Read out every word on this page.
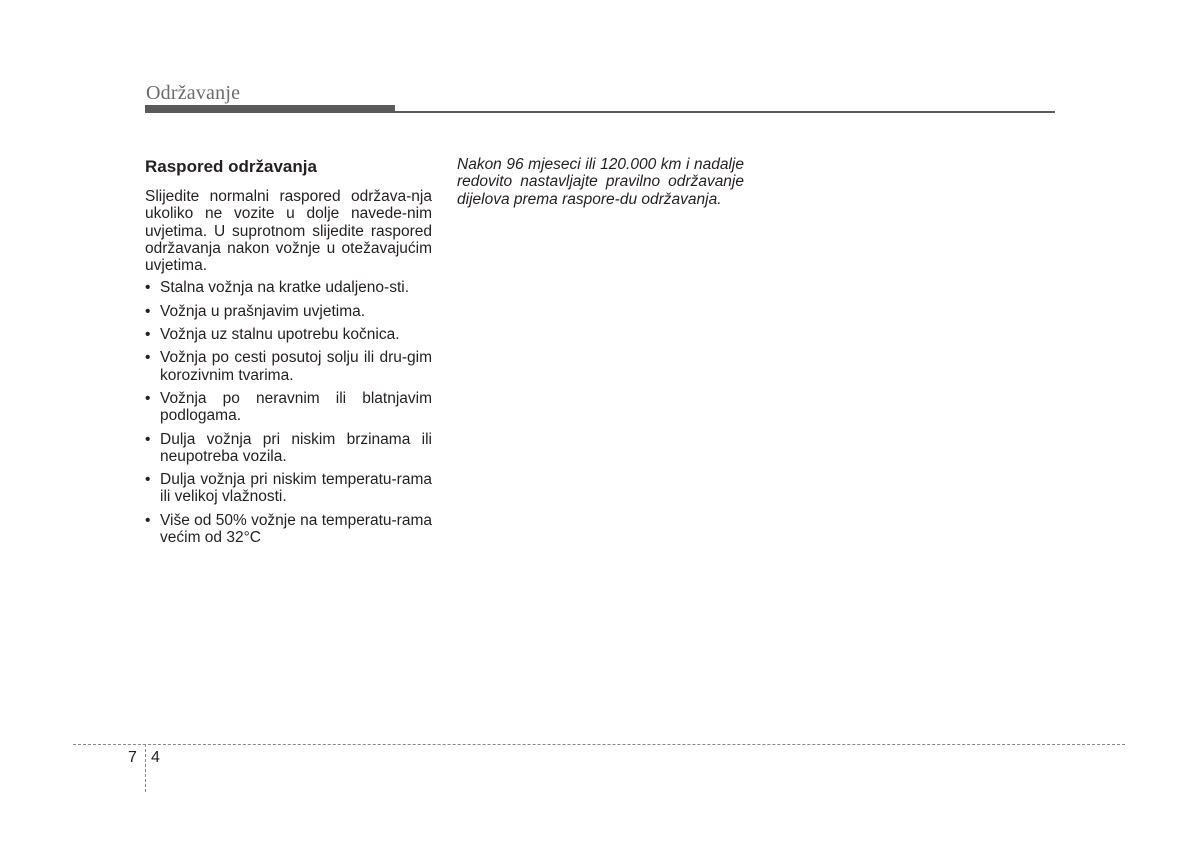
Održavanje
Raspored održavanja

Slijedite normalni raspored održava-nja ukoliko ne vozite u dolje navede-nim uvjetima. U suprotnom slijedite raspored održavanja nakon vožnje u otežavajućim uvjetima.

• Stalna vožnja na kratke udaljeno-sti.
• Vožnja u prašnjavim uvjetima.
• Vožnja uz stalnu upotrebu kočnica.
• Vožnja po cesti posutoj solju ili dru-gim korozivnim tvarima.
• Vožnja po neravnim ili blatnjavim podlogama.
• Dulja vožnja pri niskim brzinama ili neupotreba vozila.
• Dulja vožnja pri niskim temperatu-rama ili velikoj vlažnosti.
• Više od 50% vožnje na temperatu-rama većim od 32°C

Nakon 96 mjeseci ili 120.000 km i nadalje redovito nastavljajte pravilno održavanje dijelova prema raspore-du održavanja.

7 4
